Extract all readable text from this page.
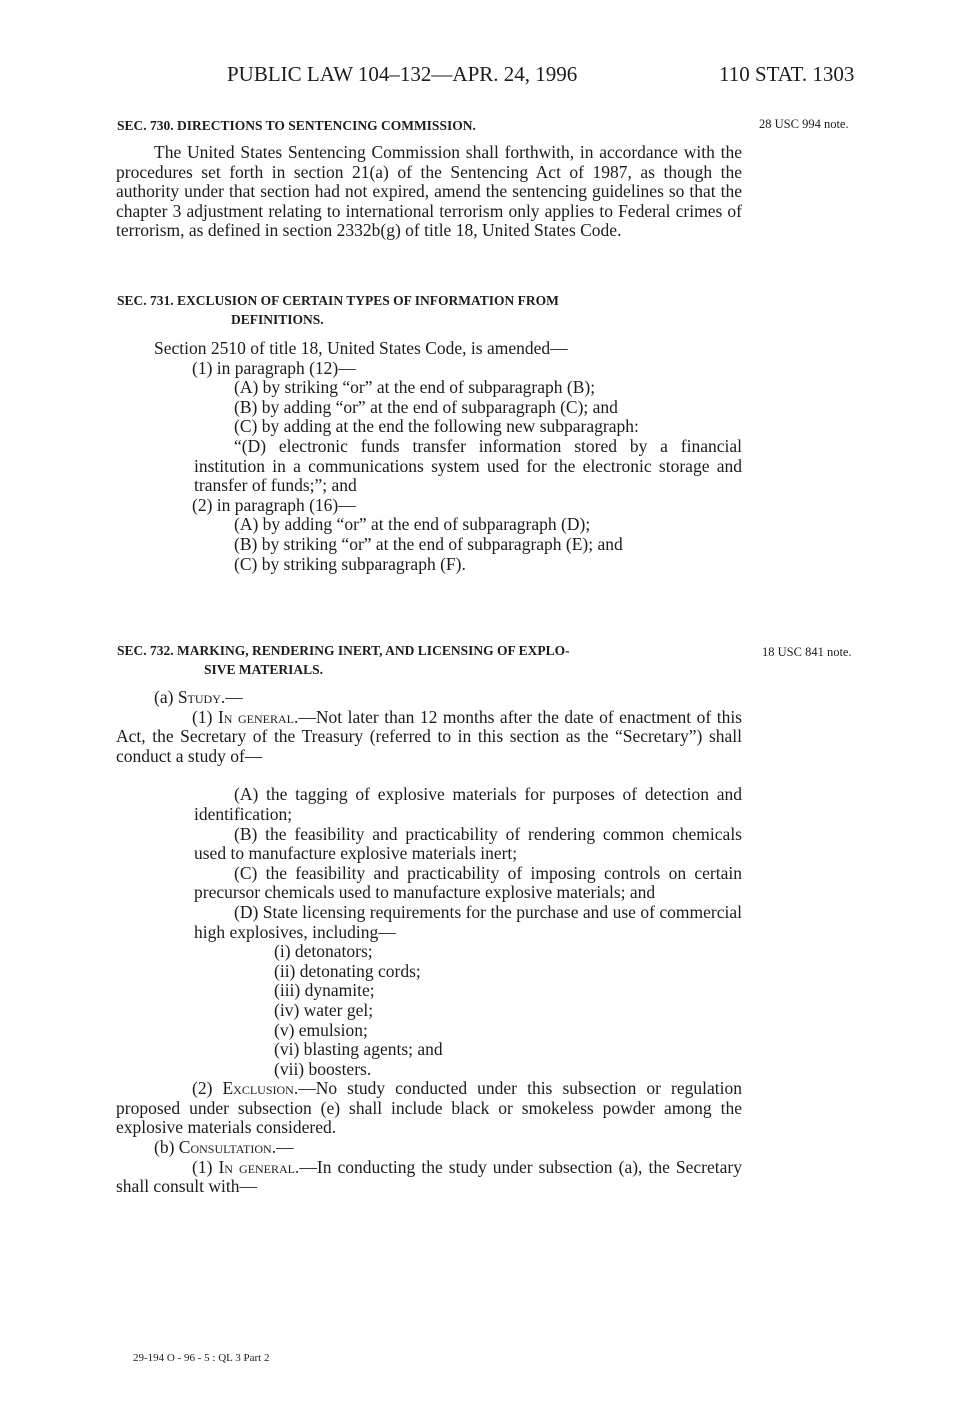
PUBLIC LAW 104–132—APR. 24, 1996	110 STAT. 1303
SEC. 730. DIRECTIONS TO SENTENCING COMMISSION.	28 USC 994 note.

The United States Sentencing Commission shall forthwith, in accordance with the procedures set forth in section 21(a) of the Sentencing Act of 1987, as though the authority under that section had not expired, amend the sentencing guidelines so that the chapter 3 adjustment relating to international terrorism only applies to Federal crimes of terrorism, as defined in section 2332b(g) of title 18, United States Code.

SEC. 731. EXCLUSION OF CERTAIN TYPES OF INFORMATION FROM
DEFINITIONS.

Section 2510 of title 18, United States Code, is amended—

(1) in paragraph (12)—

(A) by striking “or” at the end of subparagraph (B);

(B) by adding “or” at the end of subparagraph (C); and

(C) by adding at the end the following new subparagraph:

“(D) electronic funds transfer information stored by a financial institution in a communications system used for the electronic storage and transfer of funds;”; and

(2) in paragraph (16)—

(A) by adding “or” at the end of subparagraph (D);

(B) by striking “or” at the end of subparagraph (E); and

(C) by striking subparagraph (F).

SEC. 732. MARKING, RENDERING INERT, AND LICENSING OF EXPLO-
SIVE MATERIALS.
18 USC 841 note.

(a) Study.—

(1) In general.—Not later than 12 months after the date of enactment of this Act, the Secretary of the Treasury (referred to in this section as the “Secretary”) shall conduct a study of—

(A) the tagging of explosive materials for purposes of detection and identification;

(B) the feasibility and practicability of rendering common chemicals used to manufacture explosive materials inert;

(C) the feasibility and practicability of imposing controls on certain precursor chemicals used to manufacture explosive materials; and

(D) State licensing requirements for the purchase and use of commercial high explosives, including—

(i) detonators;

(ii) detonating cords;

(iii) dynamite;

(iv) water gel;

(v) emulsion;

(vi) blasting agents; and

(vii) boosters.

(2) Exclusion.—No study conducted under this subsection or regulation proposed under subsection (e) shall include black or smokeless powder among the explosive materials considered.

(b) Consultation.—

(1) In general.—In conducting the study under subsection (a), the Secretary shall consult with—

29-194 O - 96 - 5 : QL 3 Part 2
